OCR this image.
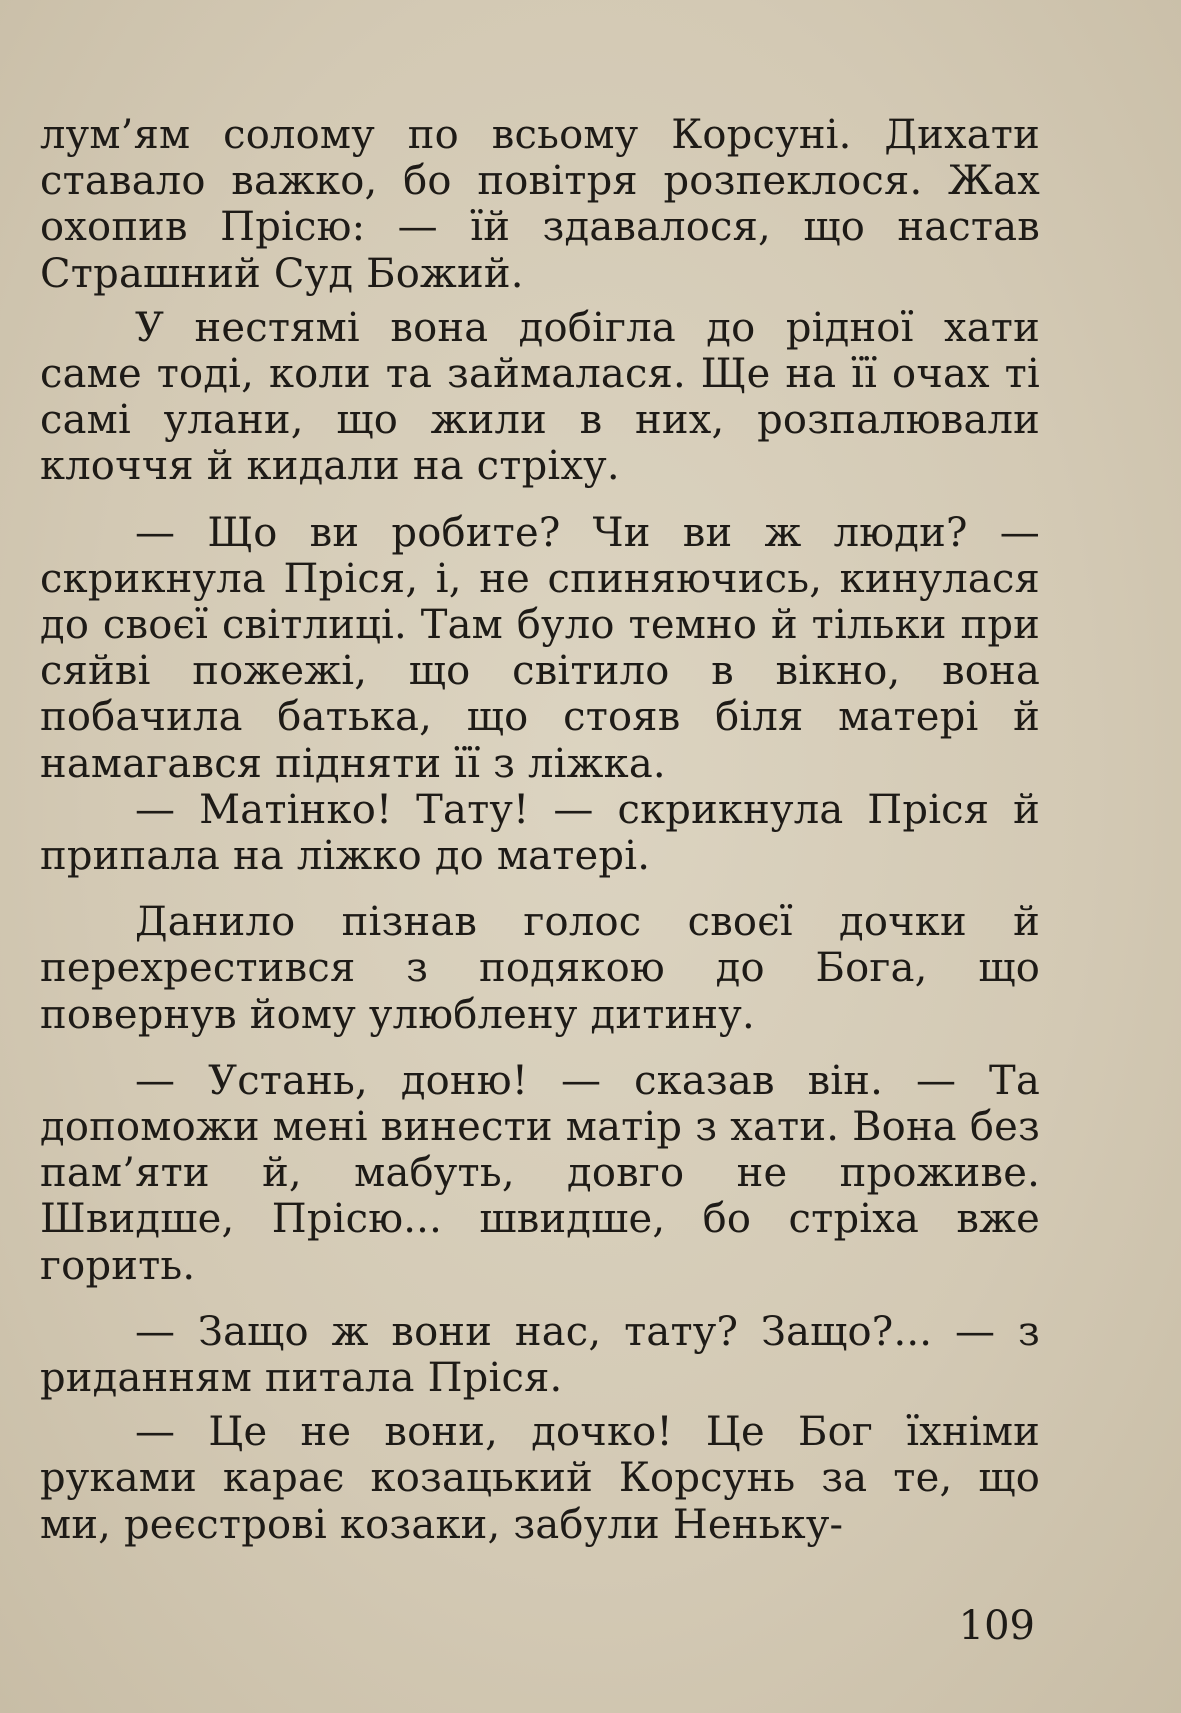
лум’ям солому по всьому Корсуні. Дихати ставало важко, бо повітря розпеклося. Жах охопив Прісю: — їй здавалося, що настав Страшний Суд Божий.

У нестямі вона добігла до рідної хати саме тоді, коли та займалася. Ще на її очах ті самі улани, що жили в них, розпалювали клоччя й кидали на стріху.

— Що ви робите? Чи ви ж люди? — скрикнула Пріся, і, не спиняючись, кинулася до своєї світлиці. Там було темно й тільки при сяйві пожежі, що світило в вікно, вона побачила батька, що стояв біля матері й намагався підняти її з ліжка.

— Матінко! Тату! — скрикнула Пріся й припала на ліжко до матері.

Данило пізнав голос своєї дочки й перехрестився з подякою до Бога, що повернув йому улюблену дитину.

— Устань, доню! — сказав він. — Та допоможи мені винести матір з хати. Вона без пам’яти й, мабуть, довго не проживе. Швидше, Прісю... швидше, бо стріха вже горить.

— Защо ж вони нас, тату? Защо?... — з риданням питала Пріся.

— Це не вони, дочко! Це Бог їхніми руками карає козацький Корсунь за те, що ми, реєстрові козаки, забули Неньку-

109
